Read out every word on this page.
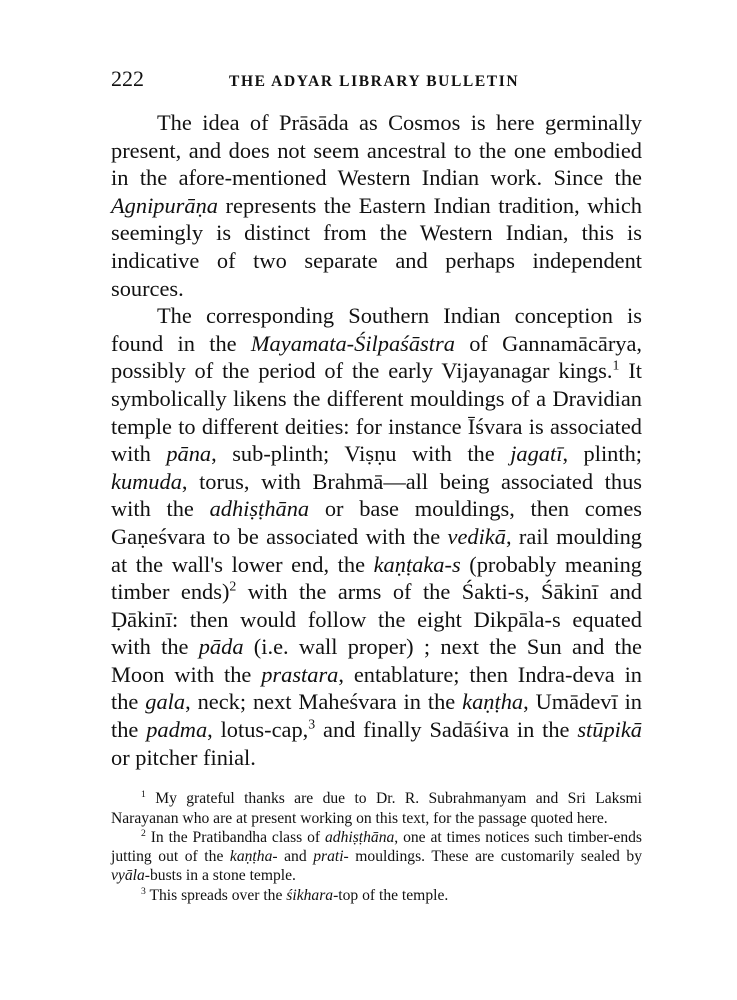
222	THE ADYAR LIBRARY BULLETIN

The idea of Prāsāda as Cosmos is here germinally present, and does not seem ancestral to the one embodied in the afore-mentioned Western Indian work. Since the Agnipurāṇa represents the Eastern Indian tradition, which seemingly is distinct from the Western Indian, this is indicative of two separate and perhaps independent sources.

The corresponding Southern Indian conception is found in the Mayamata-Śilpaśāstra of Gannamācārya, possibly of the period of the early Vijayanagar kings.$^1$ It symbolically likens the different mouldings of a Dravidian temple to different deities: for instance Īśvara is associated with pāna, sub-plinth; Viṣṇu with the jagatī, plinth; kumuda, torus, with Brahmā—all being associated thus with the adhiṣṭhāna or base mouldings, then comes Gaṇeśvara to be associated with the vedikā, rail moulding at the wall's lower end, the kaṇṭaka-s (probably meaning timber ends)$^2$ with the arms of the Śakti-s, Śākinī and Ḍākinī: then would follow the eight Dikpāla-s equated with the pāda (i.e. wall proper) ; next the Sun and the Moon with the prastara, entablature; then Indra-deva in the gala, neck; next Maheśvara in the kaṇṭha, Umādevī in the padma, lotus-cap,$^3$ and finally Sadāśiva in the stūpikā or pitcher finial.

$^1$ My grateful thanks are due to Dr. R. Subrahmanyam and Sri Laksmi Narayanan who are at present working on this text, for the passage quoted here.

$^2$ In the Pratibandha class of adhiṣṭhāna, one at times notices such timber-ends jutting out of the kaṇṭha- and prati- mouldings. These are customarily sealed by vyāla-busts in a stone temple.

$^3$ This spreads over the śikhara-top of the temple.
